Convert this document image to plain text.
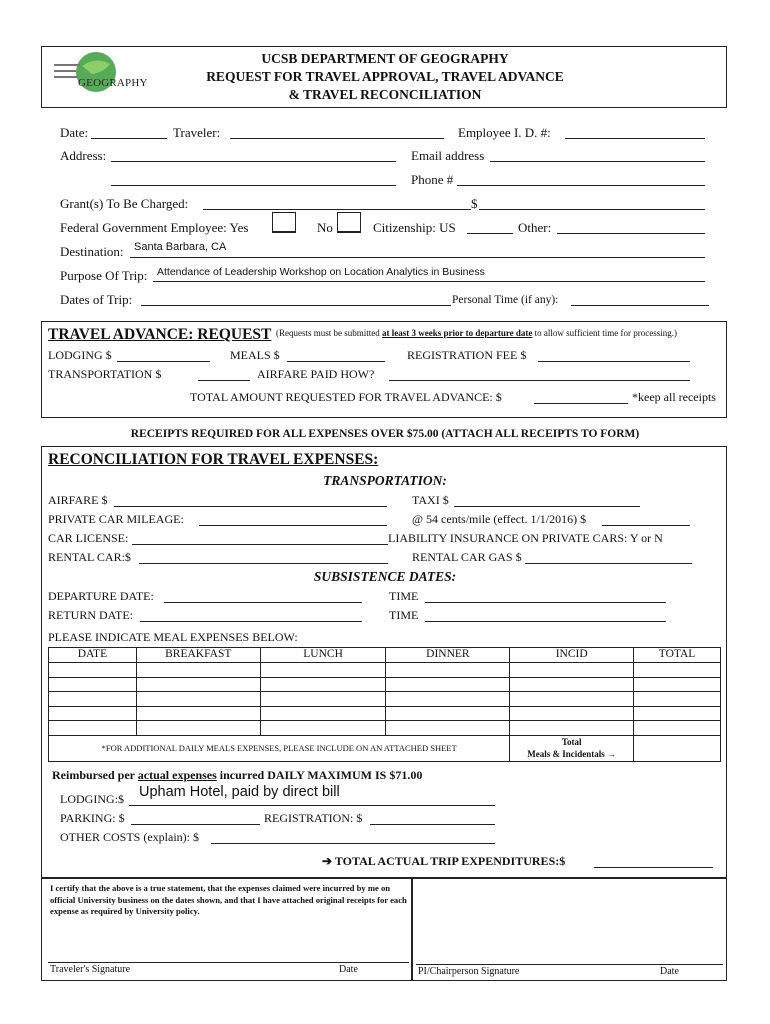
GEOGRAPHY
UCSB DEPARTMENT OF GEOGRAPHY
REQUEST FOR TRAVEL APPROVAL, TRAVEL ADVANCE
& TRAVEL RECONCILIATION
Date:	Traveler:	Employee I. D. #:
Address:	Email address
Phone #
Grant(s) To Be Charged:	$
Federal Government Employee: Yes	No	Citizenship: US	Other:
Destination: Santa Barbara, CA
Purpose Of Trip: Attendance of Leadership Workshop on Location Analytics in Business
Dates of Trip:	Personal Time (if any):
TRAVEL ADVANCE: REQUEST (Requests must be submitted at least 3 weeks prior to departure date to allow sufficient time for processing.)
LODGING $	MEALS $	REGISTRATION FEE $
TRANSPORTATION $	AIRFARE PAID HOW?
TOTAL AMOUNT REQUESTED FOR TRAVEL ADVANCE: $	*keep all receipts
RECEIPTS REQUIRED FOR ALL EXPENSES OVER $75.00 (ATTACH ALL RECEIPTS TO FORM)
RECONCILIATION FOR TRAVEL EXPENSES:
TRANSPORTATION:
AIRFARE $	TAXI $
PRIVATE CAR MILEAGE:	@ 54 cents/mile (effect. 1/1/2016) $
CAR LICENSE:	LIABILITY INSURANCE ON PRIVATE CARS: Y or N
RENTAL CAR:$	RENTAL CAR GAS $
SUBSISTENCE DATES:
DEPARTURE DATE:	TIME
RETURN DATE:	TIME
PLEASE INDICATE MEAL EXPENSES BELOW:
DATE	BREAKFAST	LUNCH	DINNER	INCID	TOTAL

*FOR ADDITIONAL DAILY MEALS EXPENSES, PLEASE INCLUDE ON AN ATTACHED SHEET				Total
Meals & Incidentals →	

Reimbursed per actual expenses incurred DAILY MAXIMUM IS $71.00
LODGING:$ Upham Hotel, paid by direct bill
PARKING: $	REGISTRATION: $
OTHER COSTS (explain): $
➔ TOTAL ACTUAL TRIP EXPENDITURES:$
I certify that the above is a true statement, that the expenses claimed were incurred by me on official University business on the dates shown, and that I have attached original receipts for each expense as required by University policy.
Traveler's Signature	Date	PI/Chairperson Signature	Date
